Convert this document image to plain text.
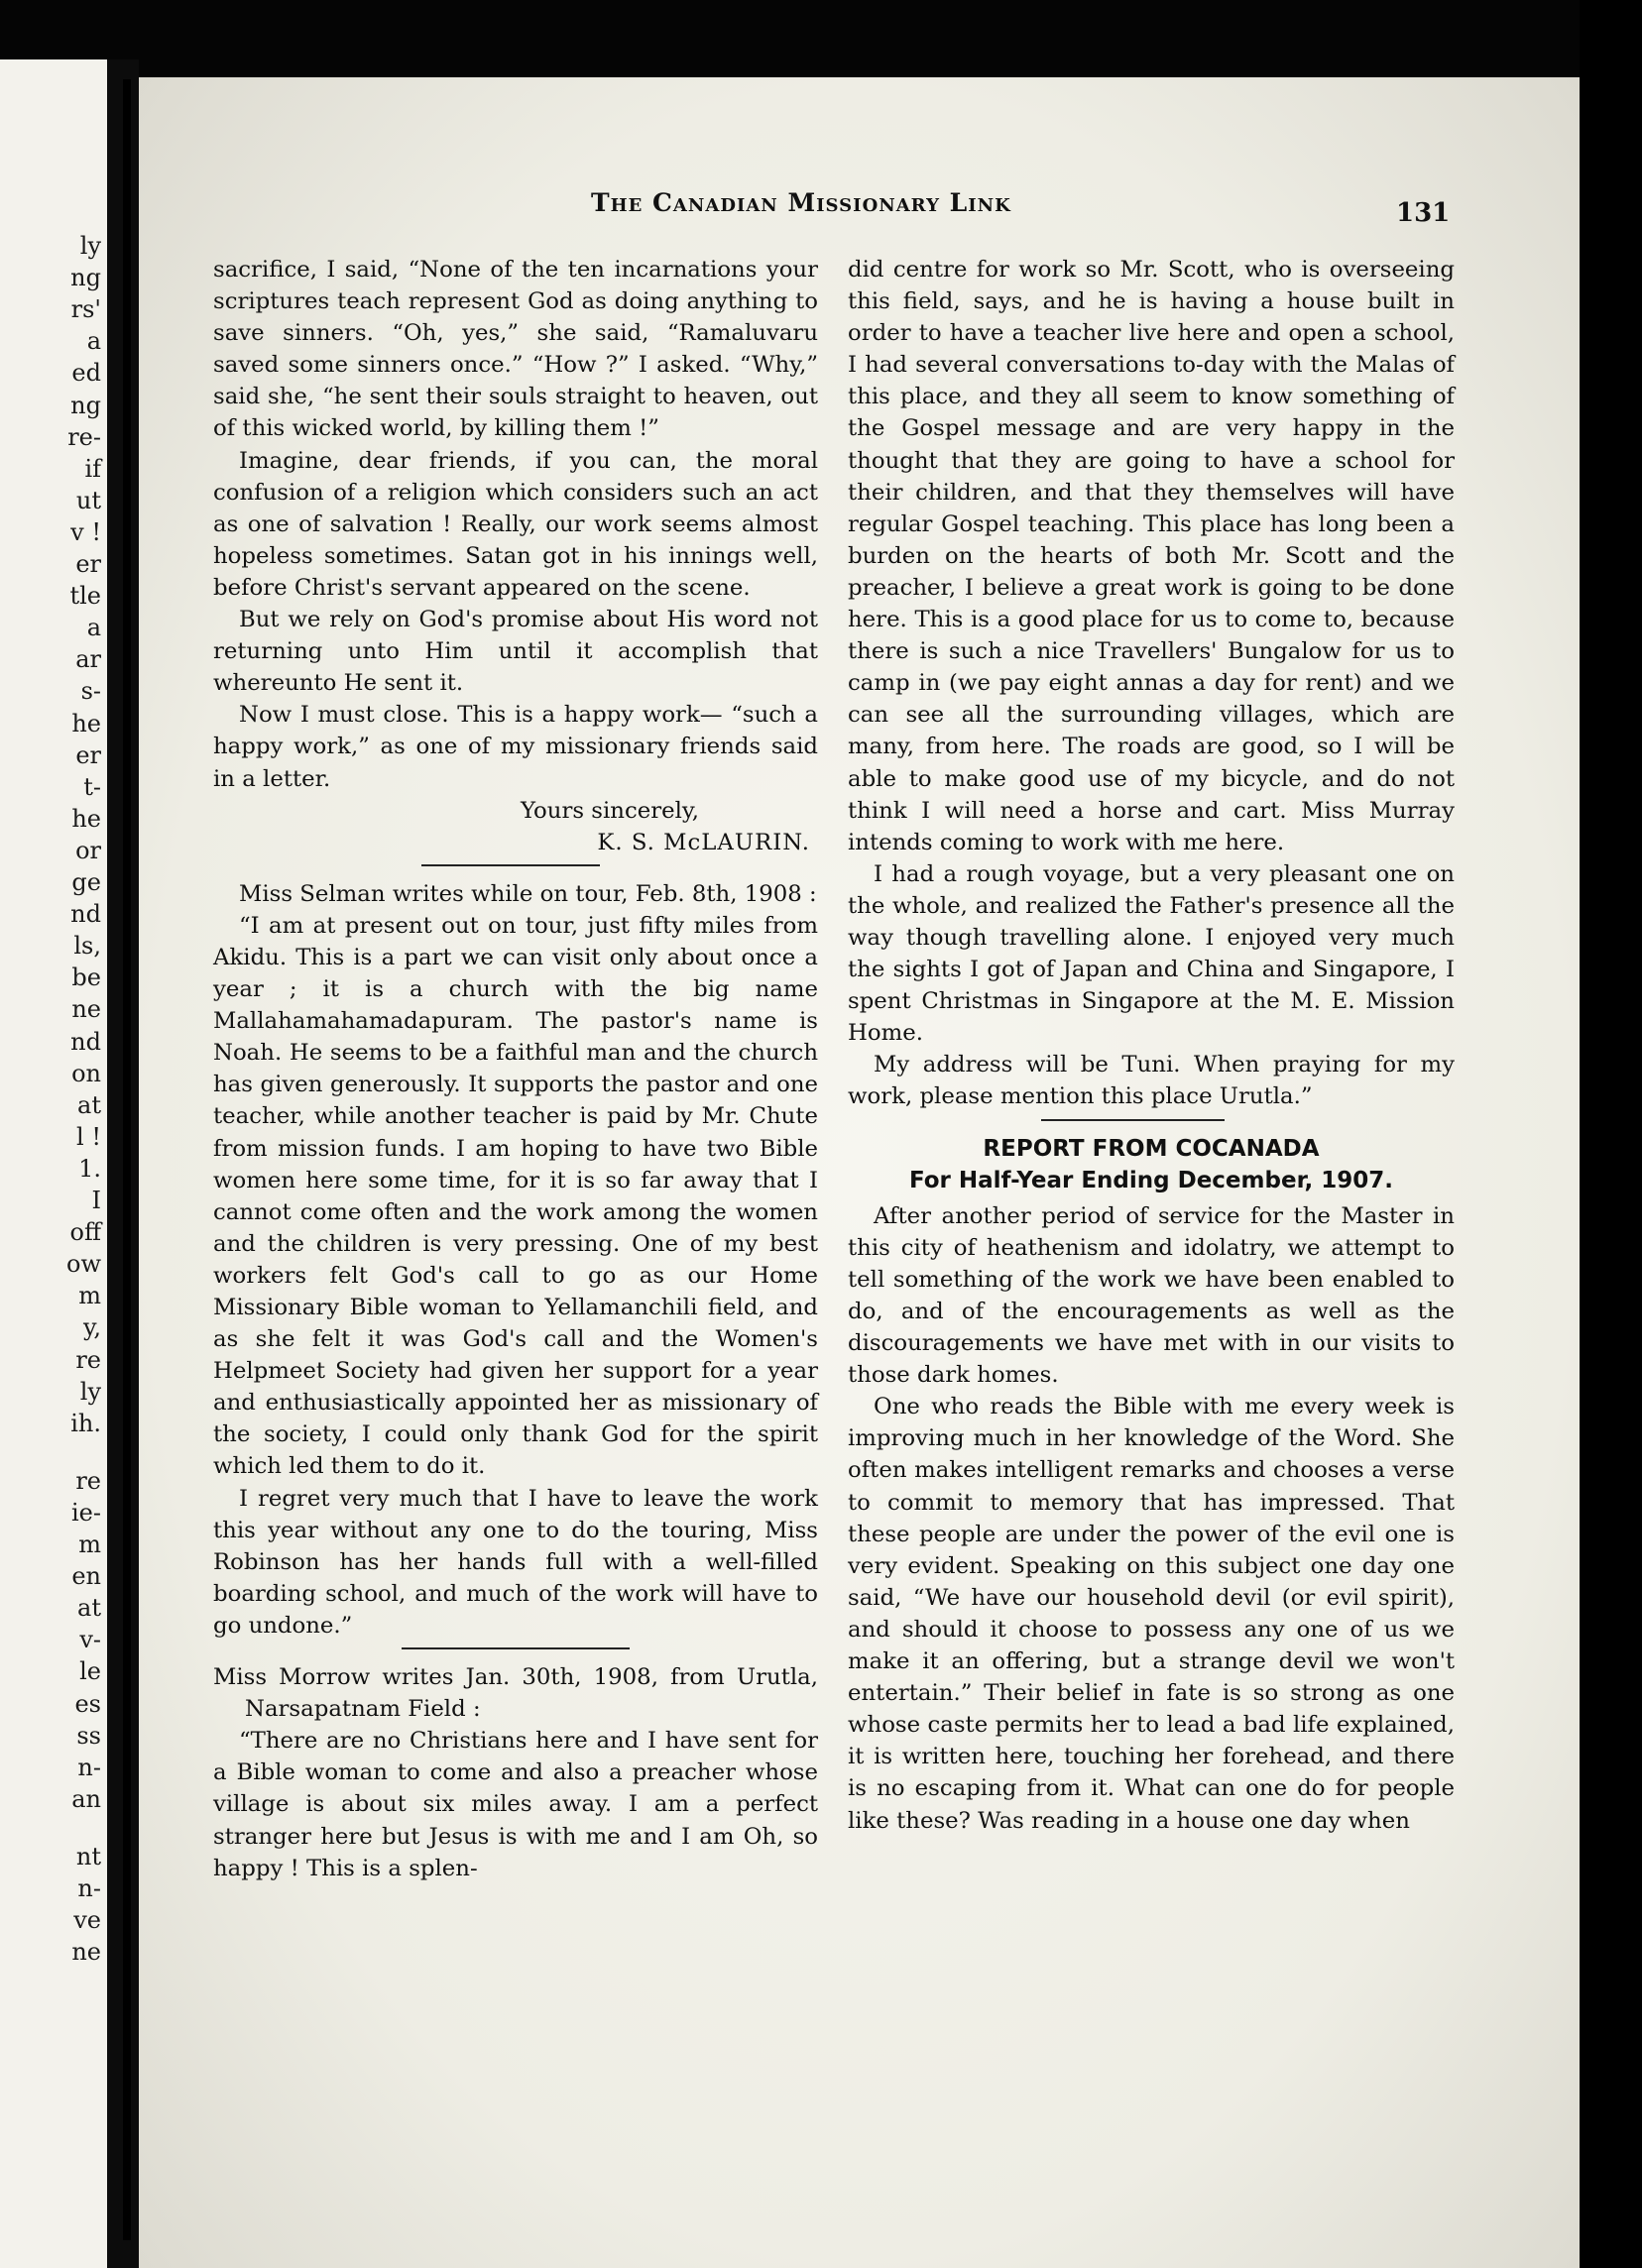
ly
ng
rs'
a
ed
ng
re-
if
ut
v !
er
tle
a
ar
s-
he
er
t-
he
or
ge
nd
ls,
be
ne
nd
on
at
l !
1.
I
off
ow
m
y,
re
ly
ih.
re
ie-
m
en
at
v-
le
es
ss
n-
an
nt
n-
ve
ne
The Canadian Missionary Link	131

sacrifice, I said, “None of the ten incarnations your scriptures teach represent God as doing anything to save sinners. “Oh, yes,” she said, “Ramaluvaru saved some sinners once.” “How ?” I asked. “Why,” said she, “he sent their souls straight to heaven, out of this wicked world, by killing them !”

Imagine, dear friends, if you can, the moral confusion of a religion which considers such an act as one of salvation ! Really, our work seems almost hopeless sometimes. Satan got in his innings well, before Christ's servant appeared on the scene.

But we rely on God's promise about His word not returning unto Him until it accomplish that whereunto He sent it.

Now I must close. This is a happy work— “such a happy work,” as one of my missionary friends said in a letter.

Yours sincerely,

K. S. McLAURIN.

Miss Selman writes while on tour, Feb. 8th, 1908 :

“I am at present out on tour, just fifty miles from Akidu. This is a part we can visit only about once a year ; it is a church with the big name Mallahamahamadapuram. The pastor's name is Noah. He seems to be a faithful man and the church has given generously. It supports the pastor and one teacher, while another teacher is paid by Mr. Chute from mission funds. I am hoping to have two Bible women here some time, for it is so far away that I cannot come often and the work among the women and the children is very pressing. One of my best workers felt God's call to go as our Home Missionary Bible woman to Yellamanchili field, and as she felt it was God's call and the Women's Helpmeet Society had given her support for a year and enthusiastically appointed her as missionary of the society, I could only thank God for the spirit which led them to do it.

I regret very much that I have to leave the work this year without any one to do the touring, Miss Robinson has her hands full with a well-filled boarding school, and much of the work will have to go undone.”

Miss Morrow writes Jan. 30th, 1908, from Urutla, Narsapatnam Field :

“There are no Christians here and I have sent for a Bible woman to come and also a preacher whose village is about six miles away. I am a perfect stranger here but Jesus is with me and I am Oh, so happy ! This is a splen-

did centre for work so Mr. Scott, who is overseeing this field, says, and he is having a house built in order to have a teacher live here and open a school, I had several conversations to-day with the Malas of this place, and they all seem to know something of the Gospel message and are very happy in the thought that they are going to have a school for their children, and that they themselves will have regular Gospel teaching. This place has long been a burden on the hearts of both Mr. Scott and the preacher, I believe a great work is going to be done here. This is a good place for us to come to, because there is such a nice Travellers' Bungalow for us to camp in (we pay eight annas a day for rent) and we can see all the surrounding villages, which are many, from here. The roads are good, so I will be able to make good use of my bicycle, and do not think I will need a horse and cart. Miss Murray intends coming to work with me here.

I had a rough voyage, but a very pleasant one on the whole, and realized the Father's presence all the way though travelling alone. I enjoyed very much the sights I got of Japan and China and Singapore, I spent Christmas in Singapore at the M. E. Mission Home.

My address will be Tuni. When praying for my work, please mention this place Urutla.”

REPORT FROM COCANADA

For Half-Year Ending December, 1907.

After another period of service for the Master in this city of heathenism and idolatry, we attempt to tell something of the work we have been enabled to do, and of the encouragements as well as the discouragements we have met with in our visits to those dark homes.

One who reads the Bible with me every week is improving much in her knowledge of the Word. She often makes intelligent remarks and chooses a verse to commit to memory that has impressed. That these people are under the power of the evil one is very evident. Speaking on this subject one day one said, “We have our household devil (or evil spirit), and should it choose to possess any one of us we make it an offering, but a strange devil we won't entertain.” Their belief in fate is so strong as one whose caste permits her to lead a bad life explained, it is written here, touching her forehead, and there is no escaping from it. What can one do for people like these? Was reading in a house one day when
